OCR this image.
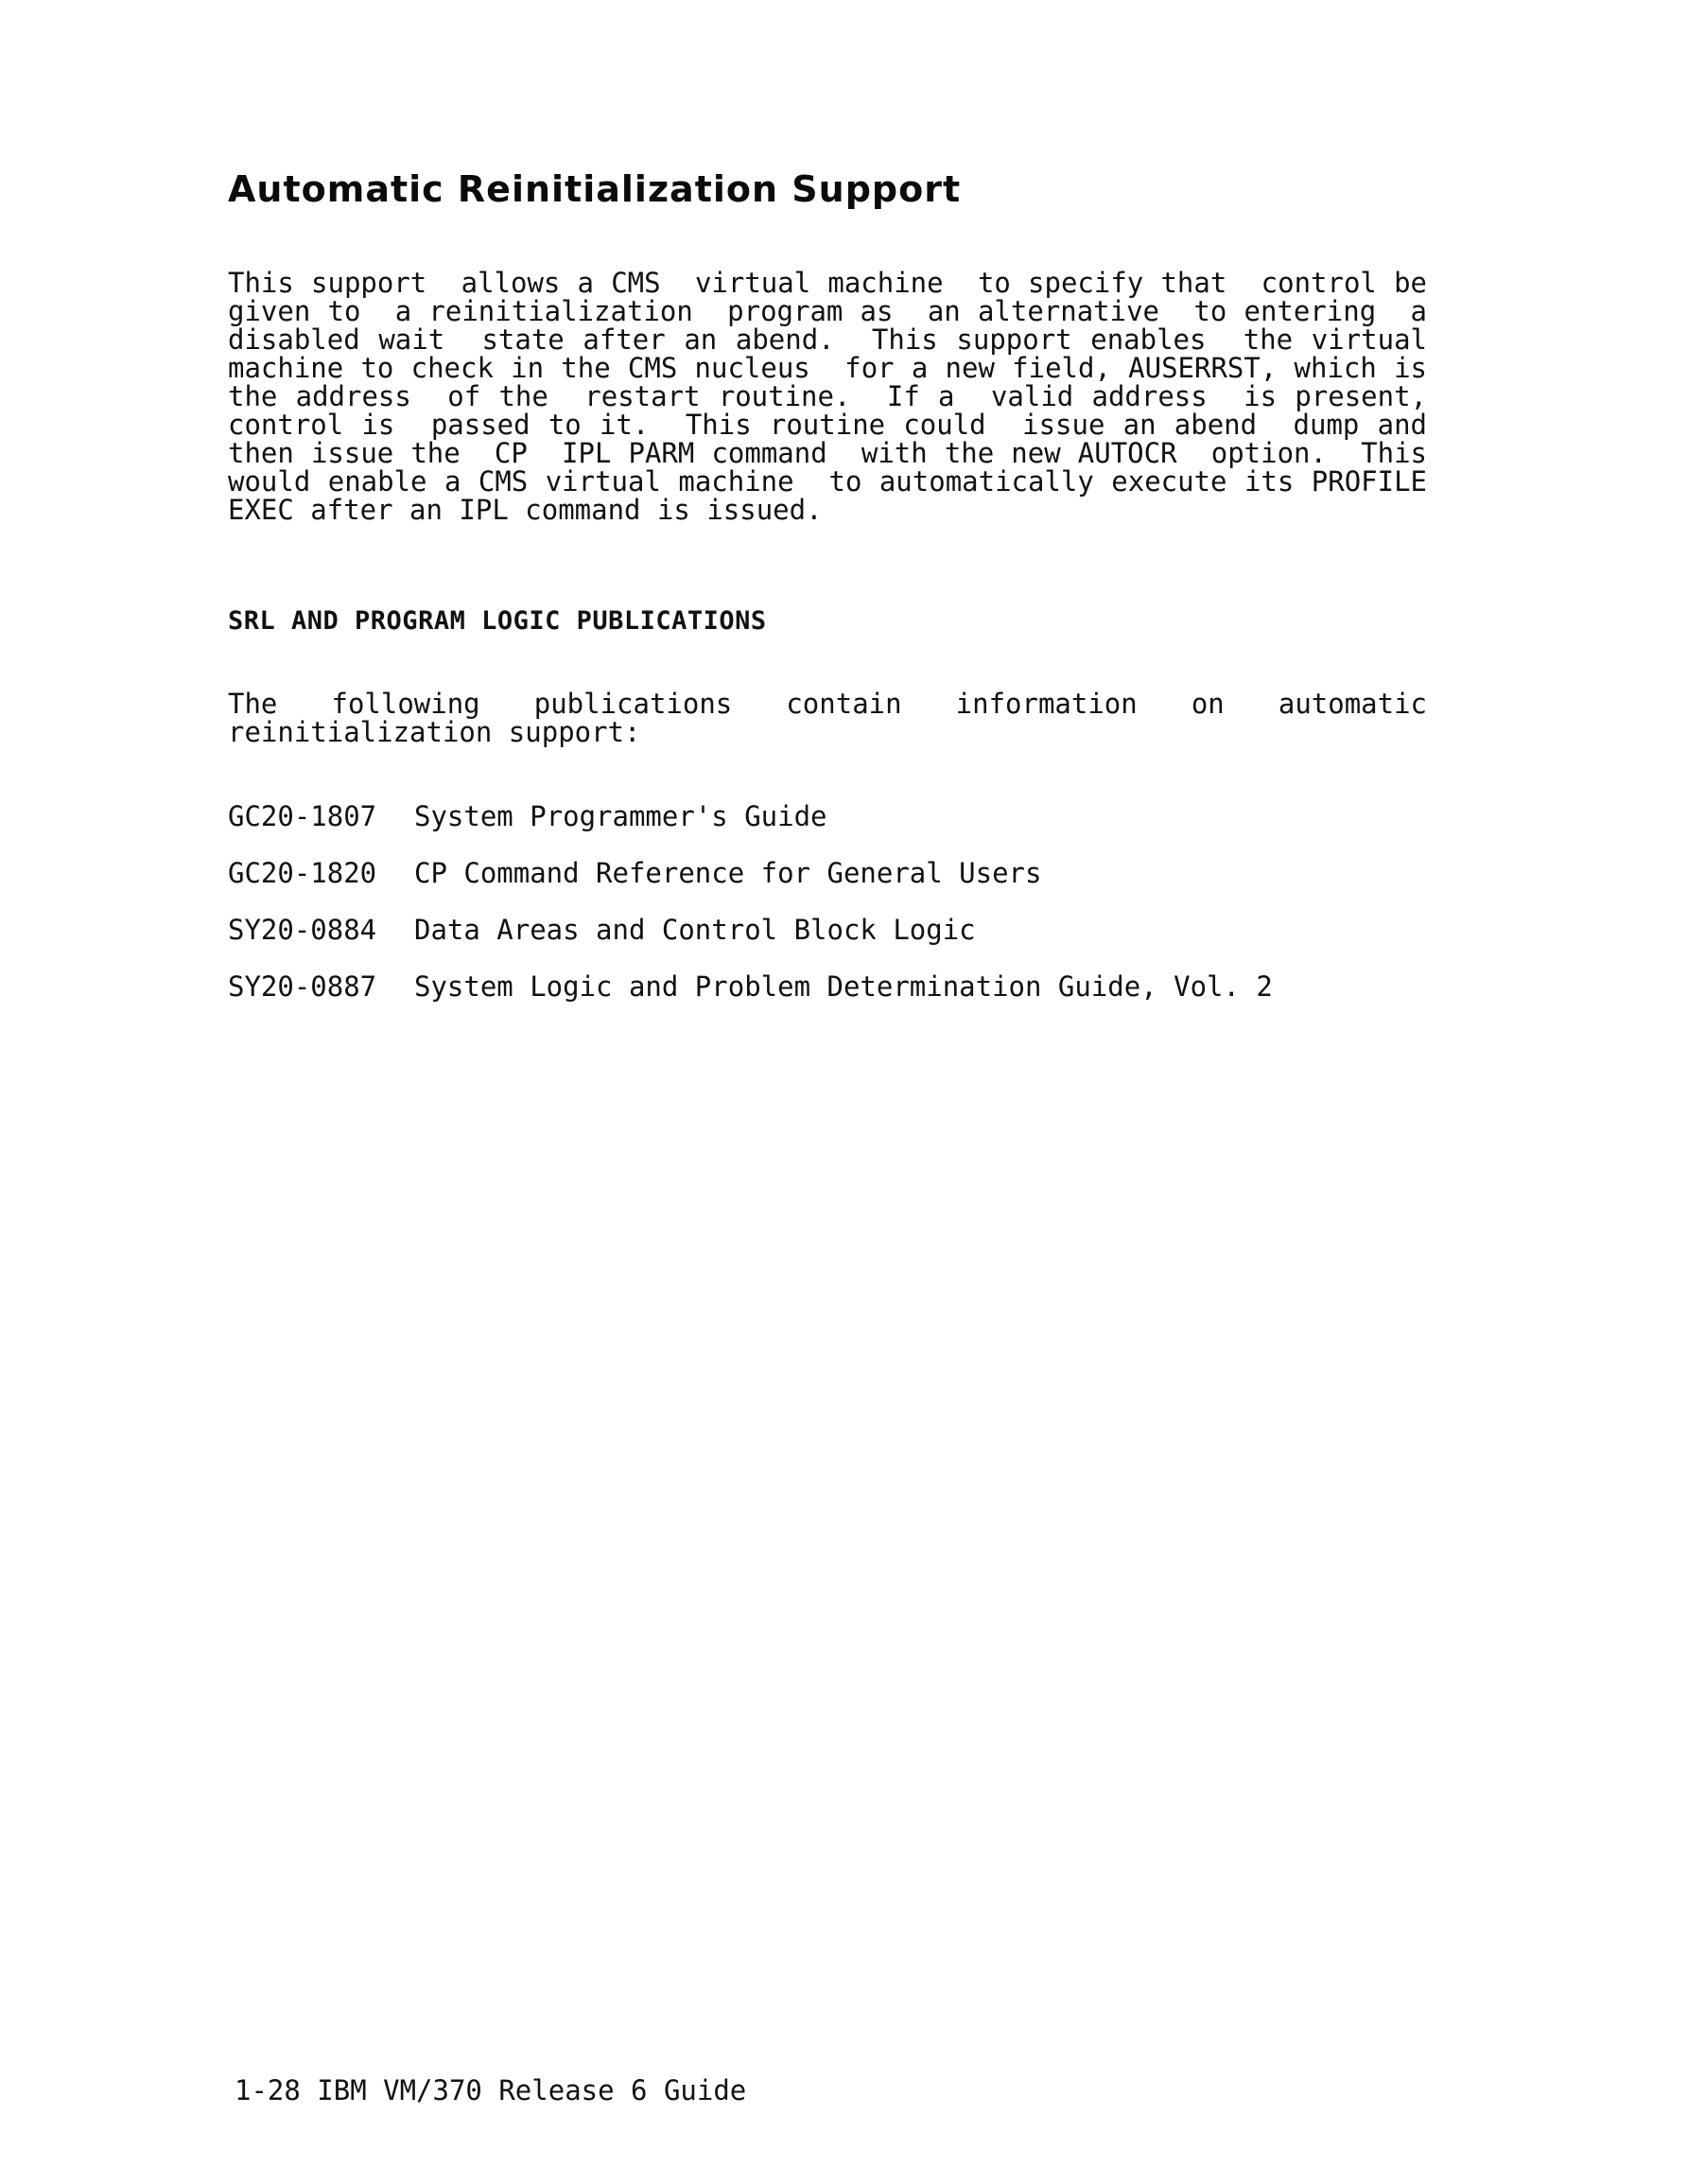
Automatic Reinitialization Support

This support  allows a CMS  virtual machine  to specify that  control be
given to  a reinitialization  program as  an alternative  to entering  a
disabled wait  state after an abend.  This support enables  the virtual
machine to check in the CMS nucleus  for a new field, AUSERRST, which is
the address  of the  restart routine.  If a  valid address  is present,
control is  passed to it.  This routine could  issue an abend  dump and
then issue the  CP  IPL PARM command  with the new AUTOCR  option.  This
would enable a CMS virtual machine  to automatically execute its PROFILE
EXEC after an IPL command is issued.

SRL AND PROGRAM LOGIC PUBLICATIONS

The   following   publications   contain   information   on   automatic
reinitialization support:

GC20-1807	System Programmer's Guide
GC20-1820	CP Command Reference for General Users
SY20-0884	Data Areas and Control Block Logic
SY20-0887	System Logic and Problem Determination Guide, Vol. 2

1-28 IBM VM/370 Release 6 Guide
